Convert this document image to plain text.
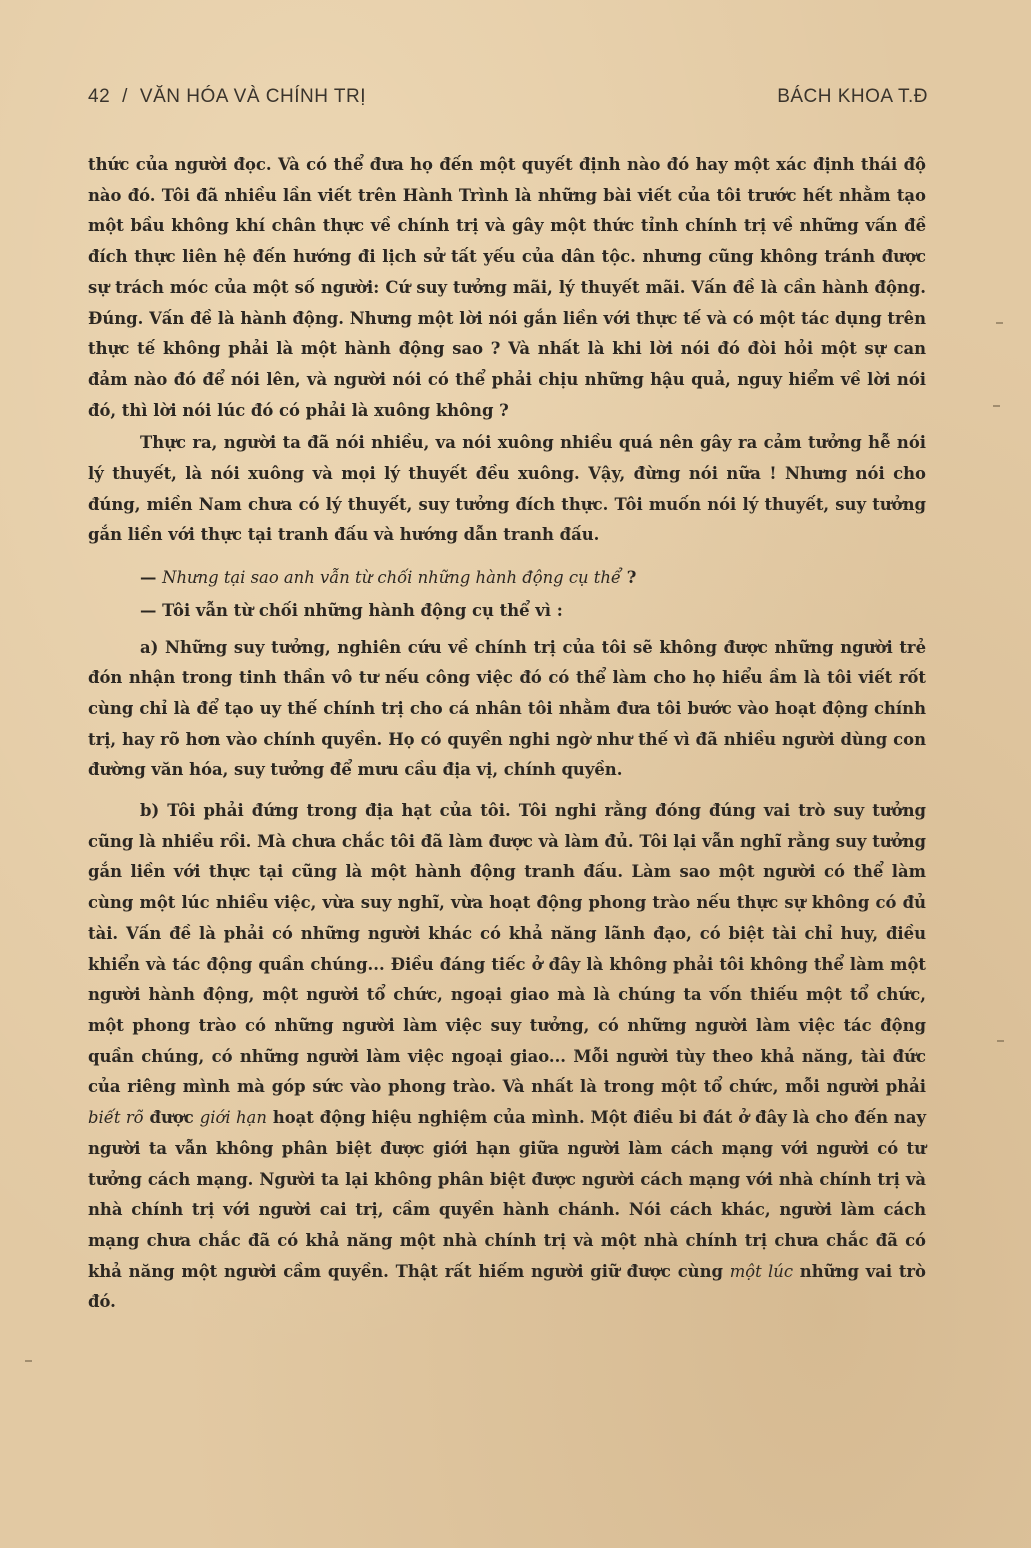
42 / VĂN HÓA VÀ CHÍNH TRỊ	BÁCH KHOA T.Đ

thức của người đọc. Và có thể đưa họ đến một quyết định nào đó hay một xác định thái độ nào đó. Tôi đã nhiều lần viết trên Hành Trình là những bài viết của tôi trước hết nhằm tạo một bầu không khí chân thực về chính trị và gây một thức tỉnh chính trị về những vấn đề đích thực liên hệ đến hướng đi lịch sử tất yếu của dân tộc. nhưng cũng không tránh được sự trách móc của một số người: Cứ suy tưởng mãi, lý thuyết mãi. Vấn đề là cần hành động. Đúng. Vấn đề là hành động. Nhưng một lời nói gắn liền với thực tế và có một tác dụng trên thực tế không phải là một hành động sao ? Và nhất là khi lời nói đó đòi hỏi một sự can đảm nào đó để nói lên, và người nói có thể phải chịu những hậu quả, nguy hiểm về lời nói đó, thì lời nói lúc đó có phải là xuông không ?

Thực ra, người ta đã nói nhiều, va nói xuông nhiều quá nên gây ra cảm tưởng hễ nói lý thuyết, là nói xuông và mọi lý thuyết đều xuông. Vậy, đừng nói nữa ! Nhưng nói cho đúng, miền Nam chưa có lý thuyết, suy tưởng đích thực. Tôi muốn nói lý thuyết, suy tưởng gắn liền với thực tại tranh đấu và hướng dẫn tranh đấu.

— Nhưng tại sao anh vẫn từ chối những hành động cụ thể ?
— Tôi vẫn từ chối những hành động cụ thể vì :

a) Những suy tưởng, nghiên cứu về chính trị của tôi sẽ không được những người trẻ đón nhận trong tinh thần vô tư nếu công việc đó có thể làm cho họ hiểu ầm là tôi viết rốt cùng chỉ là để tạo uy thế chính trị cho cá nhân tôi nhằm đưa tôi bước vào hoạt động chính trị, hay rõ hơn vào chính quyền. Họ có quyền nghi ngờ như thế vì đã nhiều người dùng con đường văn hóa, suy tưởng để mưu cầu địa vị, chính quyền.

b) Tôi phải đứng trong địa hạt của tôi. Tôi nghi rằng đóng đúng vai trò suy tưởng cũng là nhiều rồi. Mà chưa chắc tôi đã làm được và làm đủ. Tôi lại vẫn nghĩ rằng suy tưởng gắn liền với thực tại cũng là một hành động tranh đấu. Làm sao một người có thể làm cùng một lúc nhiều việc, vừa suy nghĩ, vừa hoạt động phong trào nếu thực sự không có đủ tài. Vấn đề là phải có những người khác có khả năng lãnh đạo, có biệt tài chỉ huy, điều khiển và tác động quần chúng... Điều đáng tiếc ở đây là không phải tôi không thể làm một người hành động, một người tổ chức, ngoại giao mà là chúng ta vốn thiếu một tổ chức, một phong trào có những người làm việc suy tưởng, có những người làm việc tác động quần chúng, có những người làm việc ngoại giao... Mỗi người tùy theo khả năng, tài đức của riêng mình mà góp sức vào phong trào. Và nhất là trong một tổ chức, mỗi người phải biết rõ được giới hạn hoạt động hiệu nghiệm của mình. Một điều bi đát ở đây là cho đến nay người ta vẫn không phân biệt được giới hạn giữa người làm cách mạng với người có tư tưởng cách mạng. Người ta lại không phân biệt được người cách mạng với nhà chính trị và nhà chính trị với người cai trị, cầm quyền hành chánh. Nói cách khác, người làm cách mạng chưa chắc đã có khả năng một nhà chính trị và một nhà chính trị chưa chắc đã có khả năng một người cầm quyền. Thật rất hiếm người giữ được cùng một lúc những vai trò đó.
